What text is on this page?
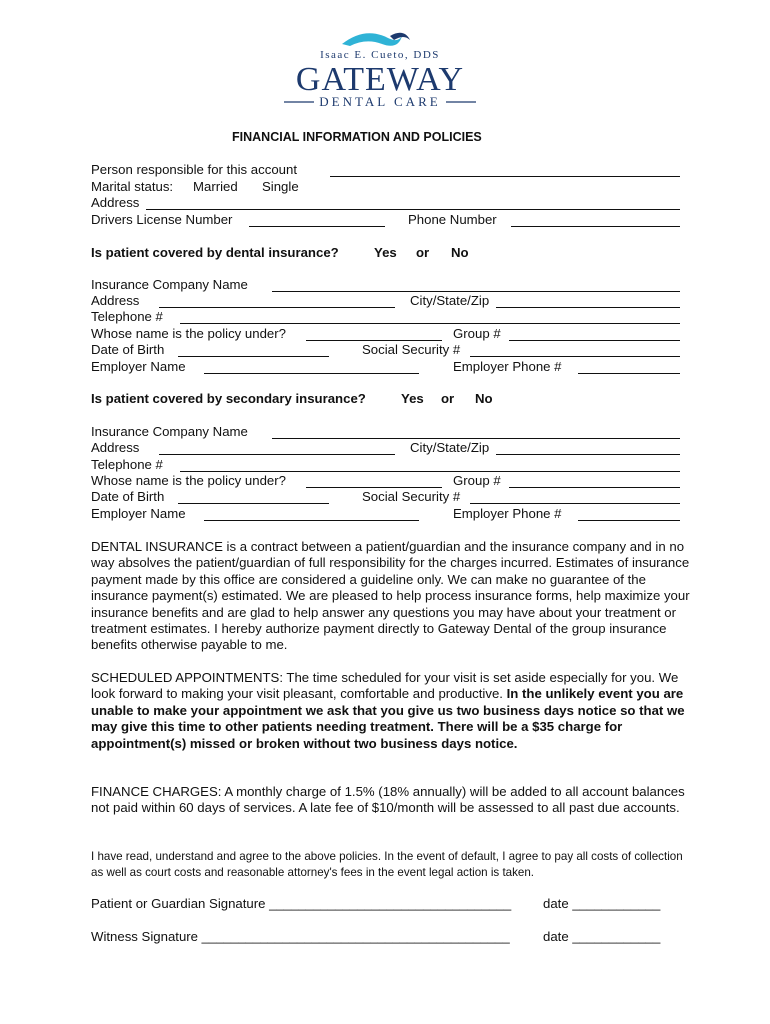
Isaac E. Cueto, DDS
GATEWAY
DENTAL CARE
FINANCIAL INFORMATION AND POLICIES
Person responsible for this account
Marital status: Married Single
Address
Drivers License Number	Phone Number
Is patient covered by dental insurance?	Yes or No
Insurance Company Name
Address	City/State/Zip
Telephone #
Whose name is the policy under?	Group #
Date of Birth	Social Security #
Employer Name	Employer Phone #
Is patient covered by secondary insurance?	Yes or No
Insurance Company Name
Address	City/State/Zip
Telephone #
Whose name is the policy under?	Group #
Date of Birth	Social Security #
Employer Name	Employer Phone #
DENTAL INSURANCE is a contract between a patient/guardian and the insurance company and in no way absolves the patient/guardian of full responsibility for the charges incurred. Estimates of insurance payment made by this office are considered a guideline only. We can make no guarantee of the insurance payment(s) estimated. We are pleased to help process insurance forms, help maximize your insurance benefits and are glad to help answer any questions you may have about your treatment or treatment estimates. I hereby authorize payment directly to Gateway Dental of the group insurance benefits otherwise payable to me.
SCHEDULED APPOINTMENTS: The time scheduled for your visit is set aside especially for you. We look forward to making your visit pleasant, comfortable and productive. In the unlikely event you are unable to make your appointment we ask that you give us two business days notice so that we may give this time to other patients needing treatment. There will be a $35 charge for appointment(s) missed or broken without two business days notice.
FINANCE CHARGES: A monthly charge of 1.5% (18% annually) will be added to all account balances not paid within 60 days of services. A late fee of $10/month will be assessed to all past due accounts.
I have read, understand and agree to the above policies. In the event of default, I agree to pay all costs of collection as well as court costs and reasonable attorney's fees in the event legal action is taken.
Patient or Guardian Signature _________________________________ date ____________
Witness Signature __________________________________________	date ____________
